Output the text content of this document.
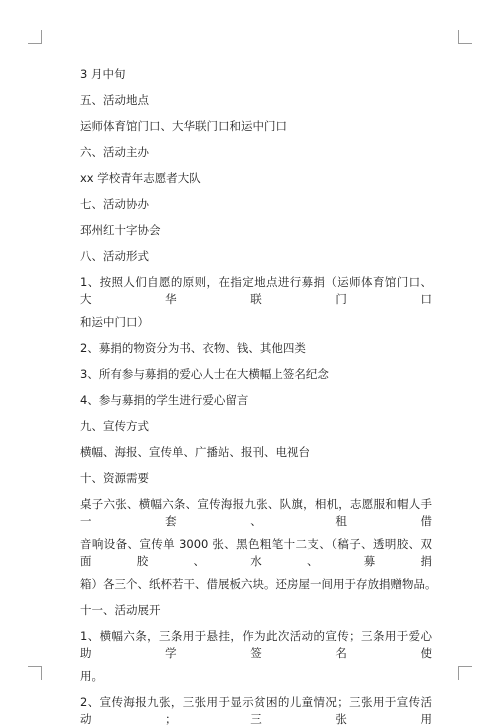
3 月中旬
五、活动地点
运师体育馆门口、大华联门口和运中门口
六、活动主办
xx 学校青年志愿者大队
七、活动协办
邳州红十字协会
八、活动形式
1、按照人们自愿的原则，在指定地点进行募捐（运师体育馆门口、大华联门口
和运中门口）
2、募捐的物资分为书、衣物、钱、其他四类
3、所有参与募捐的爱心人士在大横幅上签名纪念
4、参与募捐的学生进行爱心留言
九、宣传方式
横幅、海报、宣传单、广播站、报刊、电视台
十、资源需要
桌子六张、横幅六条、宣传海报九张、队旗，相机，志愿服和帽人手一套、租借
音响设备、宣传单 3000 张、黑色粗笔十二支、（稿子、透明胶、双面胶、水、募捐
箱）各三个、纸杯若干、借展板六块。还房屋一间用于存放捐赠物品。
十一、活动展开
1、横幅六条，三条用于悬挂，作为此次活动的宣传；三条用于爱心助学签名使
用。
2、宣传海报九张，三张用于显示贫困的儿童情况；三张用于宣传活动；三张用
